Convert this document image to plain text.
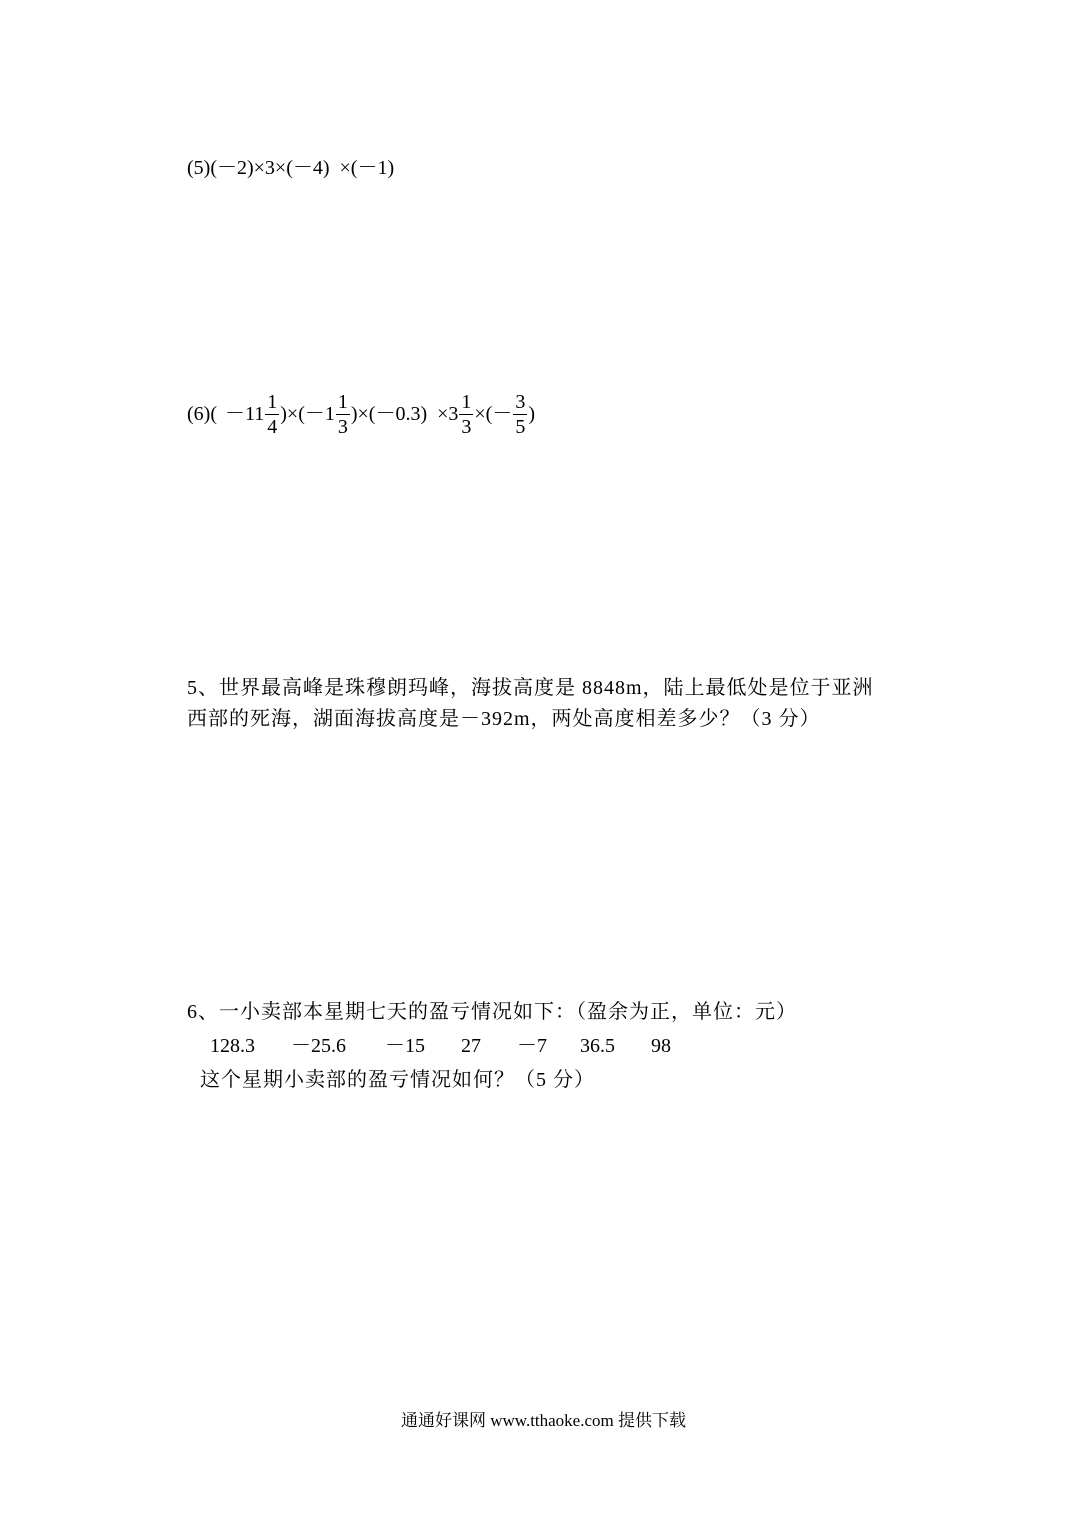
(5)(－2)×3×(－4)  ×(－1)
$(6)( -11 \frac{1}{4} )\times(-1 \frac{1}{3} )\times(-0.3) \times 3 \frac{1}{3}$ ×(－ $\frac{3}{5}$ )
5、世界最高峰是珠穆朗玛峰，海拔高度是 8848m，陆上最低处是位于亚洲
西部的死海，湖面海拔高度是－392m，两处高度相差多少？（3 分）
6、一小卖部本星期七天的盈亏情况如下：（盈余为正，单位：元）
128.3 －25.6 －15 27 －7 36.5 98
这个星期小卖部的盈亏情况如何？（5 分）
通通好课网 www.tthaoke.com 提供下载
